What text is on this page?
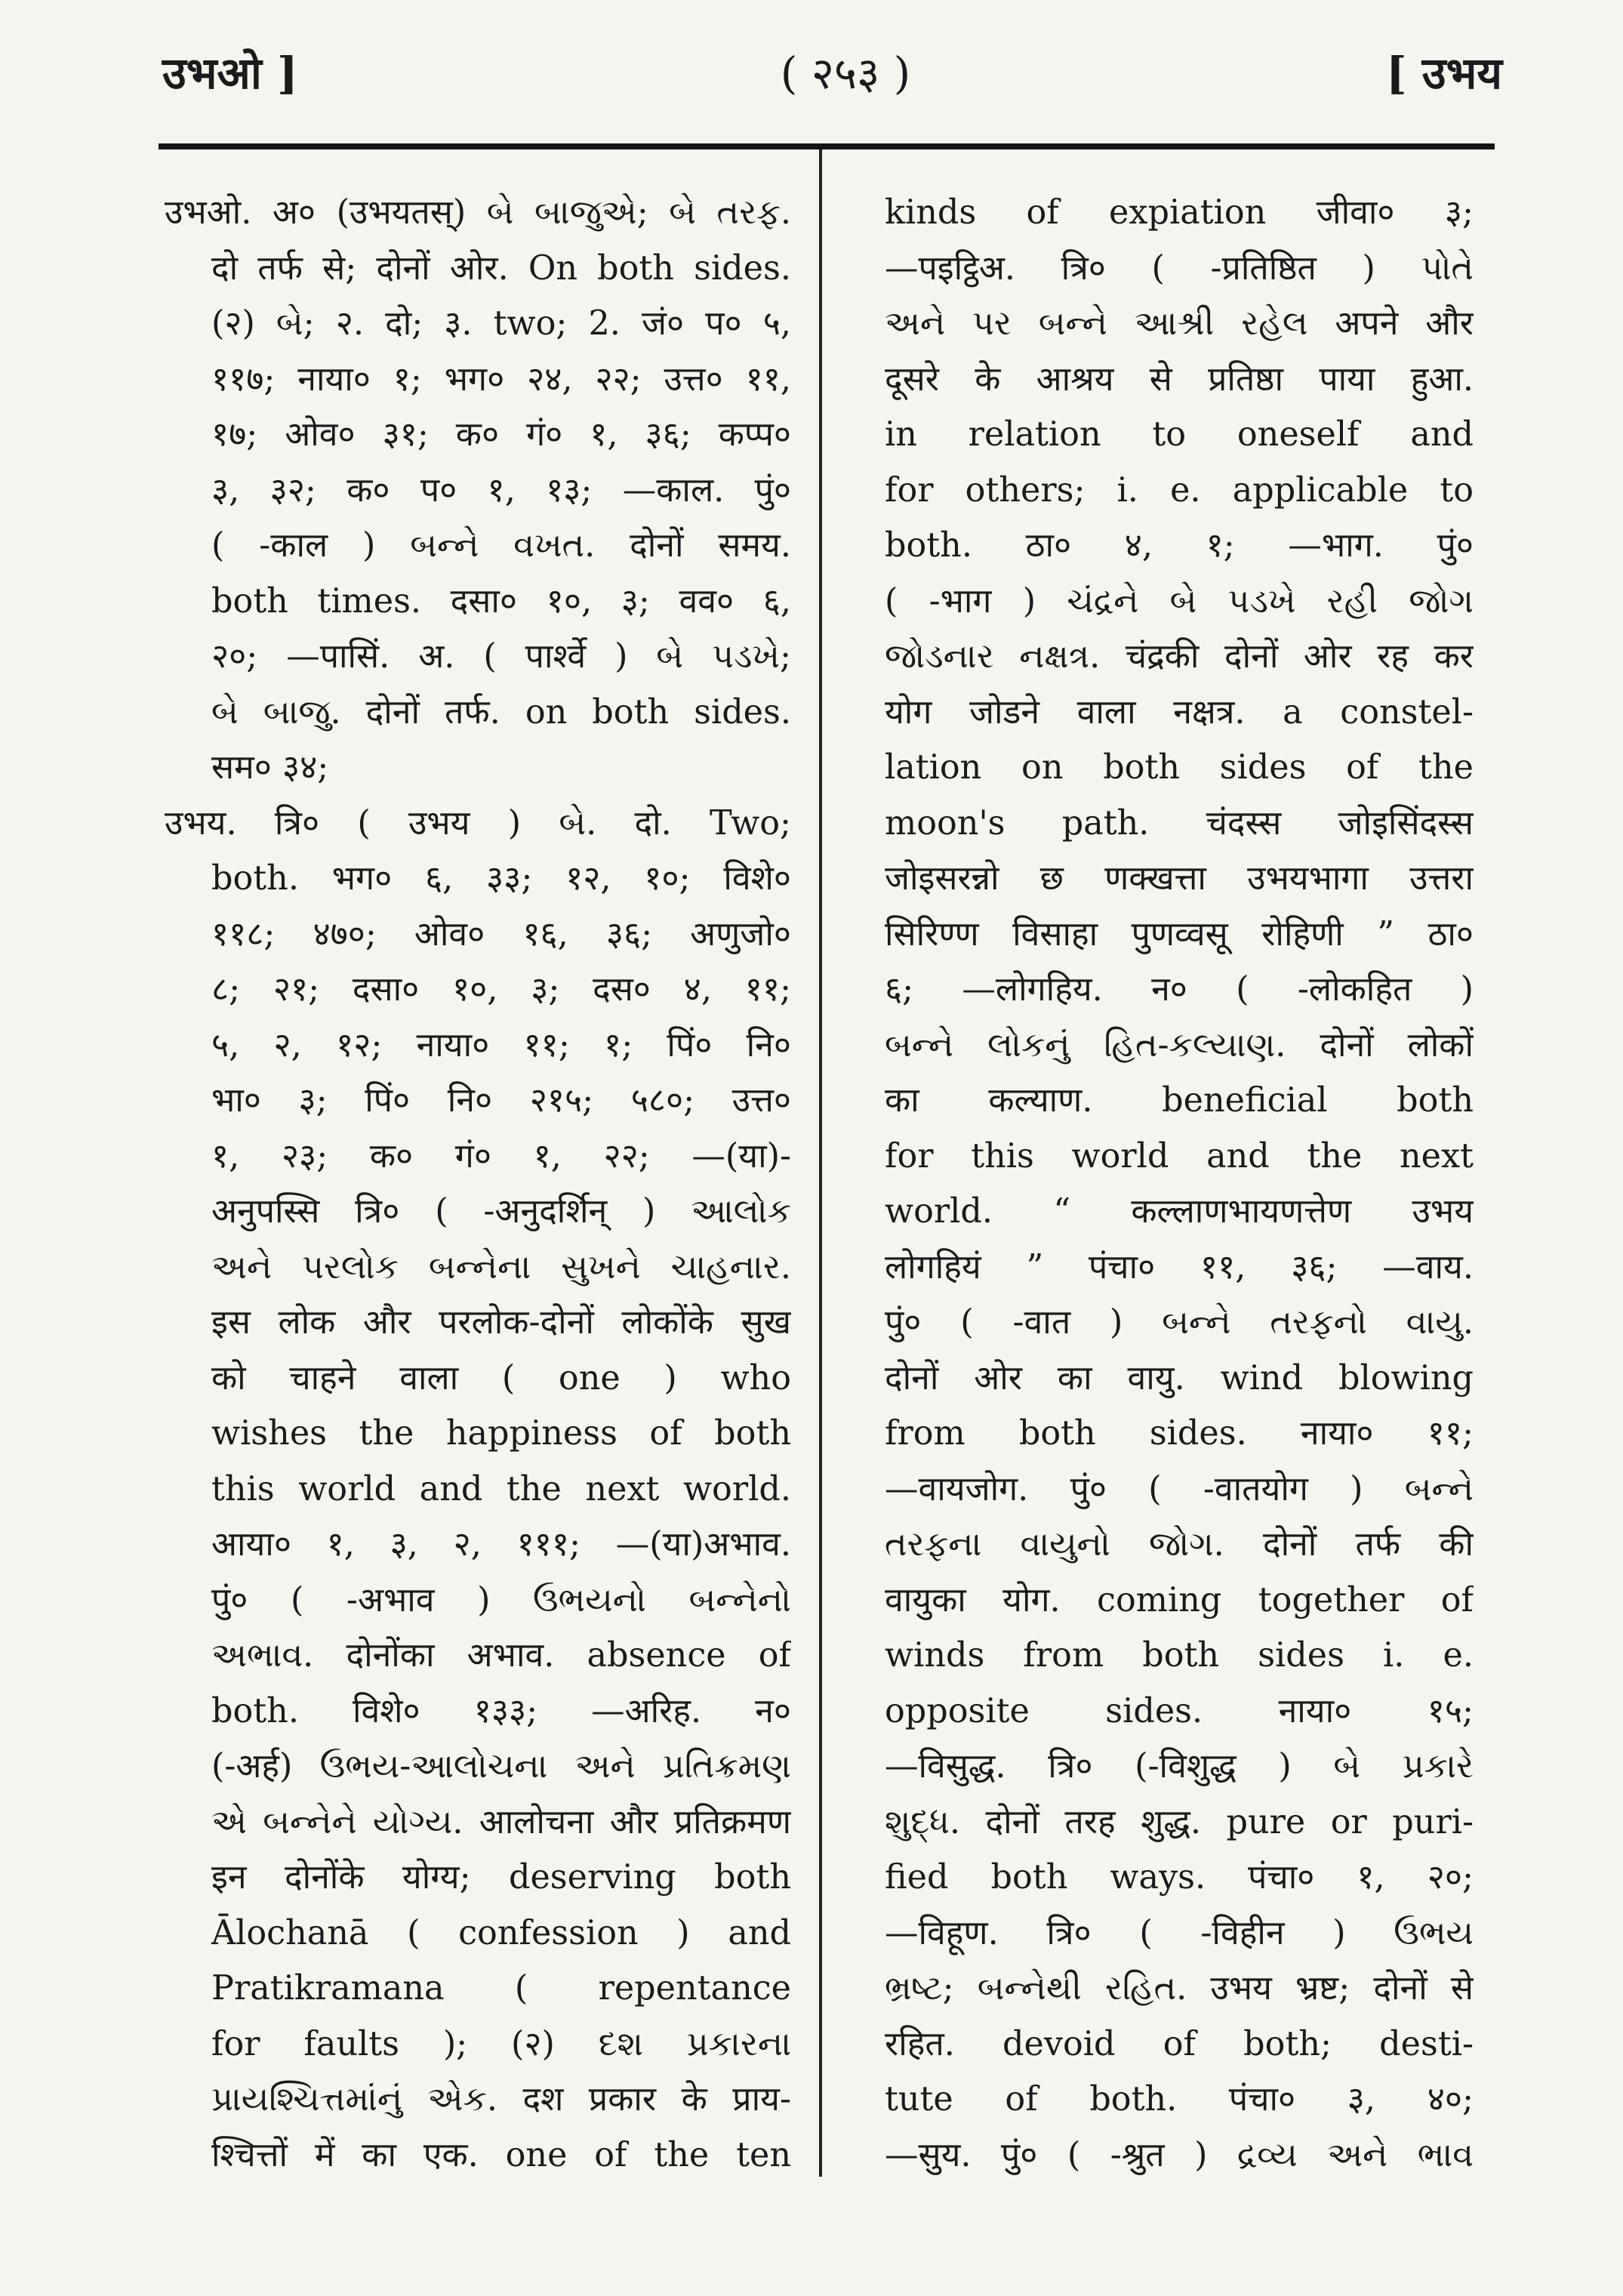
उभओ ]	( २५३ )	[ उभय
उभओ. अ० (उभयतस्) બે બાજુએ; બે તરફ.
दो तर्फ से; दोनों ओर. On both sides.
(२) બે; २. दो; ३. two; 2. जं० प० ५,
११७; नाया० १; भग० २४, २२; उत्त० ११,
१७; ओव० ३१; क० गं० १, ३६; कप्प०
३, ३२; क० प० १, १३; —काल. पुं०
( -काल ) બન્ને વખત. दोनों समय.
both times. दसा० १०, ३; वव० ६,
२०; —पासिं. अ. ( पार्श्वे ) બે પડખે;
બે બાજુ. दोनों तर्फ. on both sides.
सम० ३४;
उभय. त्रि० ( उभय ) બે. दो. Two;
both. भग० ६, ३३; १२, १०; विशे०
११८; ४७०; ओव० १६, ३६; अणुजो०
८; २१; दसा० १०, ३; दस० ४, ११;
५, २, १२; नाया० ११; १; पिं० नि०
भा० ३; पिं० नि० २१५; ५८०; उत्त०
१, २३; क० गं० १, २२; —(या)-
अनुपस्सि त्रि० ( -अनुदर्शिन् ) આલોક
અને પરલોક બન્નેના સુખને ચાહનાર.
इस लोक और परलोक-दोनों लोकोंके सुख
को चाहने वाला ( one ) who
wishes the happiness of both
this world and the next world.
आया० १, ३, २, १११; —(या)अभाव.
पुं० ( -अभाव ) ઉભયનો બન્નેનો
અભાવ. दोनोंका अभाव. absence of
both. विशे० १३३; —अरिह. न०
(-अर्ह) ઉભય-આલોચના અને પ્રતિક્રમણ
એ બન્નેને યોગ્ય. आलोचना और प्रतिक्रमण
इन दोनोंके योग्य; deserving both
Ālochanā ( confession ) and
Pratikramana ( repentance
for faults ); (२) દશ પ્રકારના
પ્રાયશ્ચિત્તમાંનું એક. दश प्रकार के प्राय-
श्चित्तों में का एक. one of the ten
kinds of expiation जीवा० ३;
—पइट्ठिअ. त्रि० ( -प्रतिष्ठित ) પોતે
અને પર બન્ને આશ્રી રહેલ अपने और
दूसरे के आश्रय से प्रतिष्ठा पाया हुआ.
in relation to oneself and
for others; i. e. applicable to
both. ठा० ४, १; —भाग. पुं०
( -भाग ) ચંદ્રને બે પડખે રહી જોગ
જોડનાર નક્ષત્ર. चंद्रकी दोनों ओर रह कर
योग जोडने वाला नक्षत्र. a constel-
lation on both sides of the
moon's path. चंदस्स जोइसिंदस्स
जोइसरन्नो छ णक्खत्ता उभयभागा उत्तरा
सिरिण्ण विसाहा पुणव्वसू रोहिणी ” ठा०
६; —लोगहिय. न० ( -लोकहित )
બન્ને લોકનું હિત-કલ્યાણ. दोनों लोकों
का कल्याण. beneficial both
for this world and the next
world. “ कल्लाणभायणत्तेण उभय
लोगहियं ” पंचा० ११, ३६; —वाय.
पुं० ( -वात ) બન્ને તરફનો વાયુ.
दोनों ओर का वायु. wind blowing
from both sides. नाया० ११;
—वायजोग. पुं० ( -वातयोग ) બન્ને
તરફના વાયુનો જોગ. दोनों तर्फ की
वायुका योग. coming together of
winds from both sides i. e.
opposite sides. नाया० १५;
—विसुद्ध. त्रि० (-विशुद्ध ) બે પ્રકારે
શુદ્ધ. दोनों तरह शुद्ध. pure or puri-
fied both ways. पंचा० १, २०;
—विहूण. त्रि० ( -विहीन ) ઉભય
ભ્રષ્ટ; બન્નેથી રહિત. उभय भ्रष्ट; दोनों से
रहित. devoid of both; desti-
tute of both. पंचा० ३, ४०;
—सुय. पुं० ( -श्रुत ) દ્રવ્ય અને ભાવ
